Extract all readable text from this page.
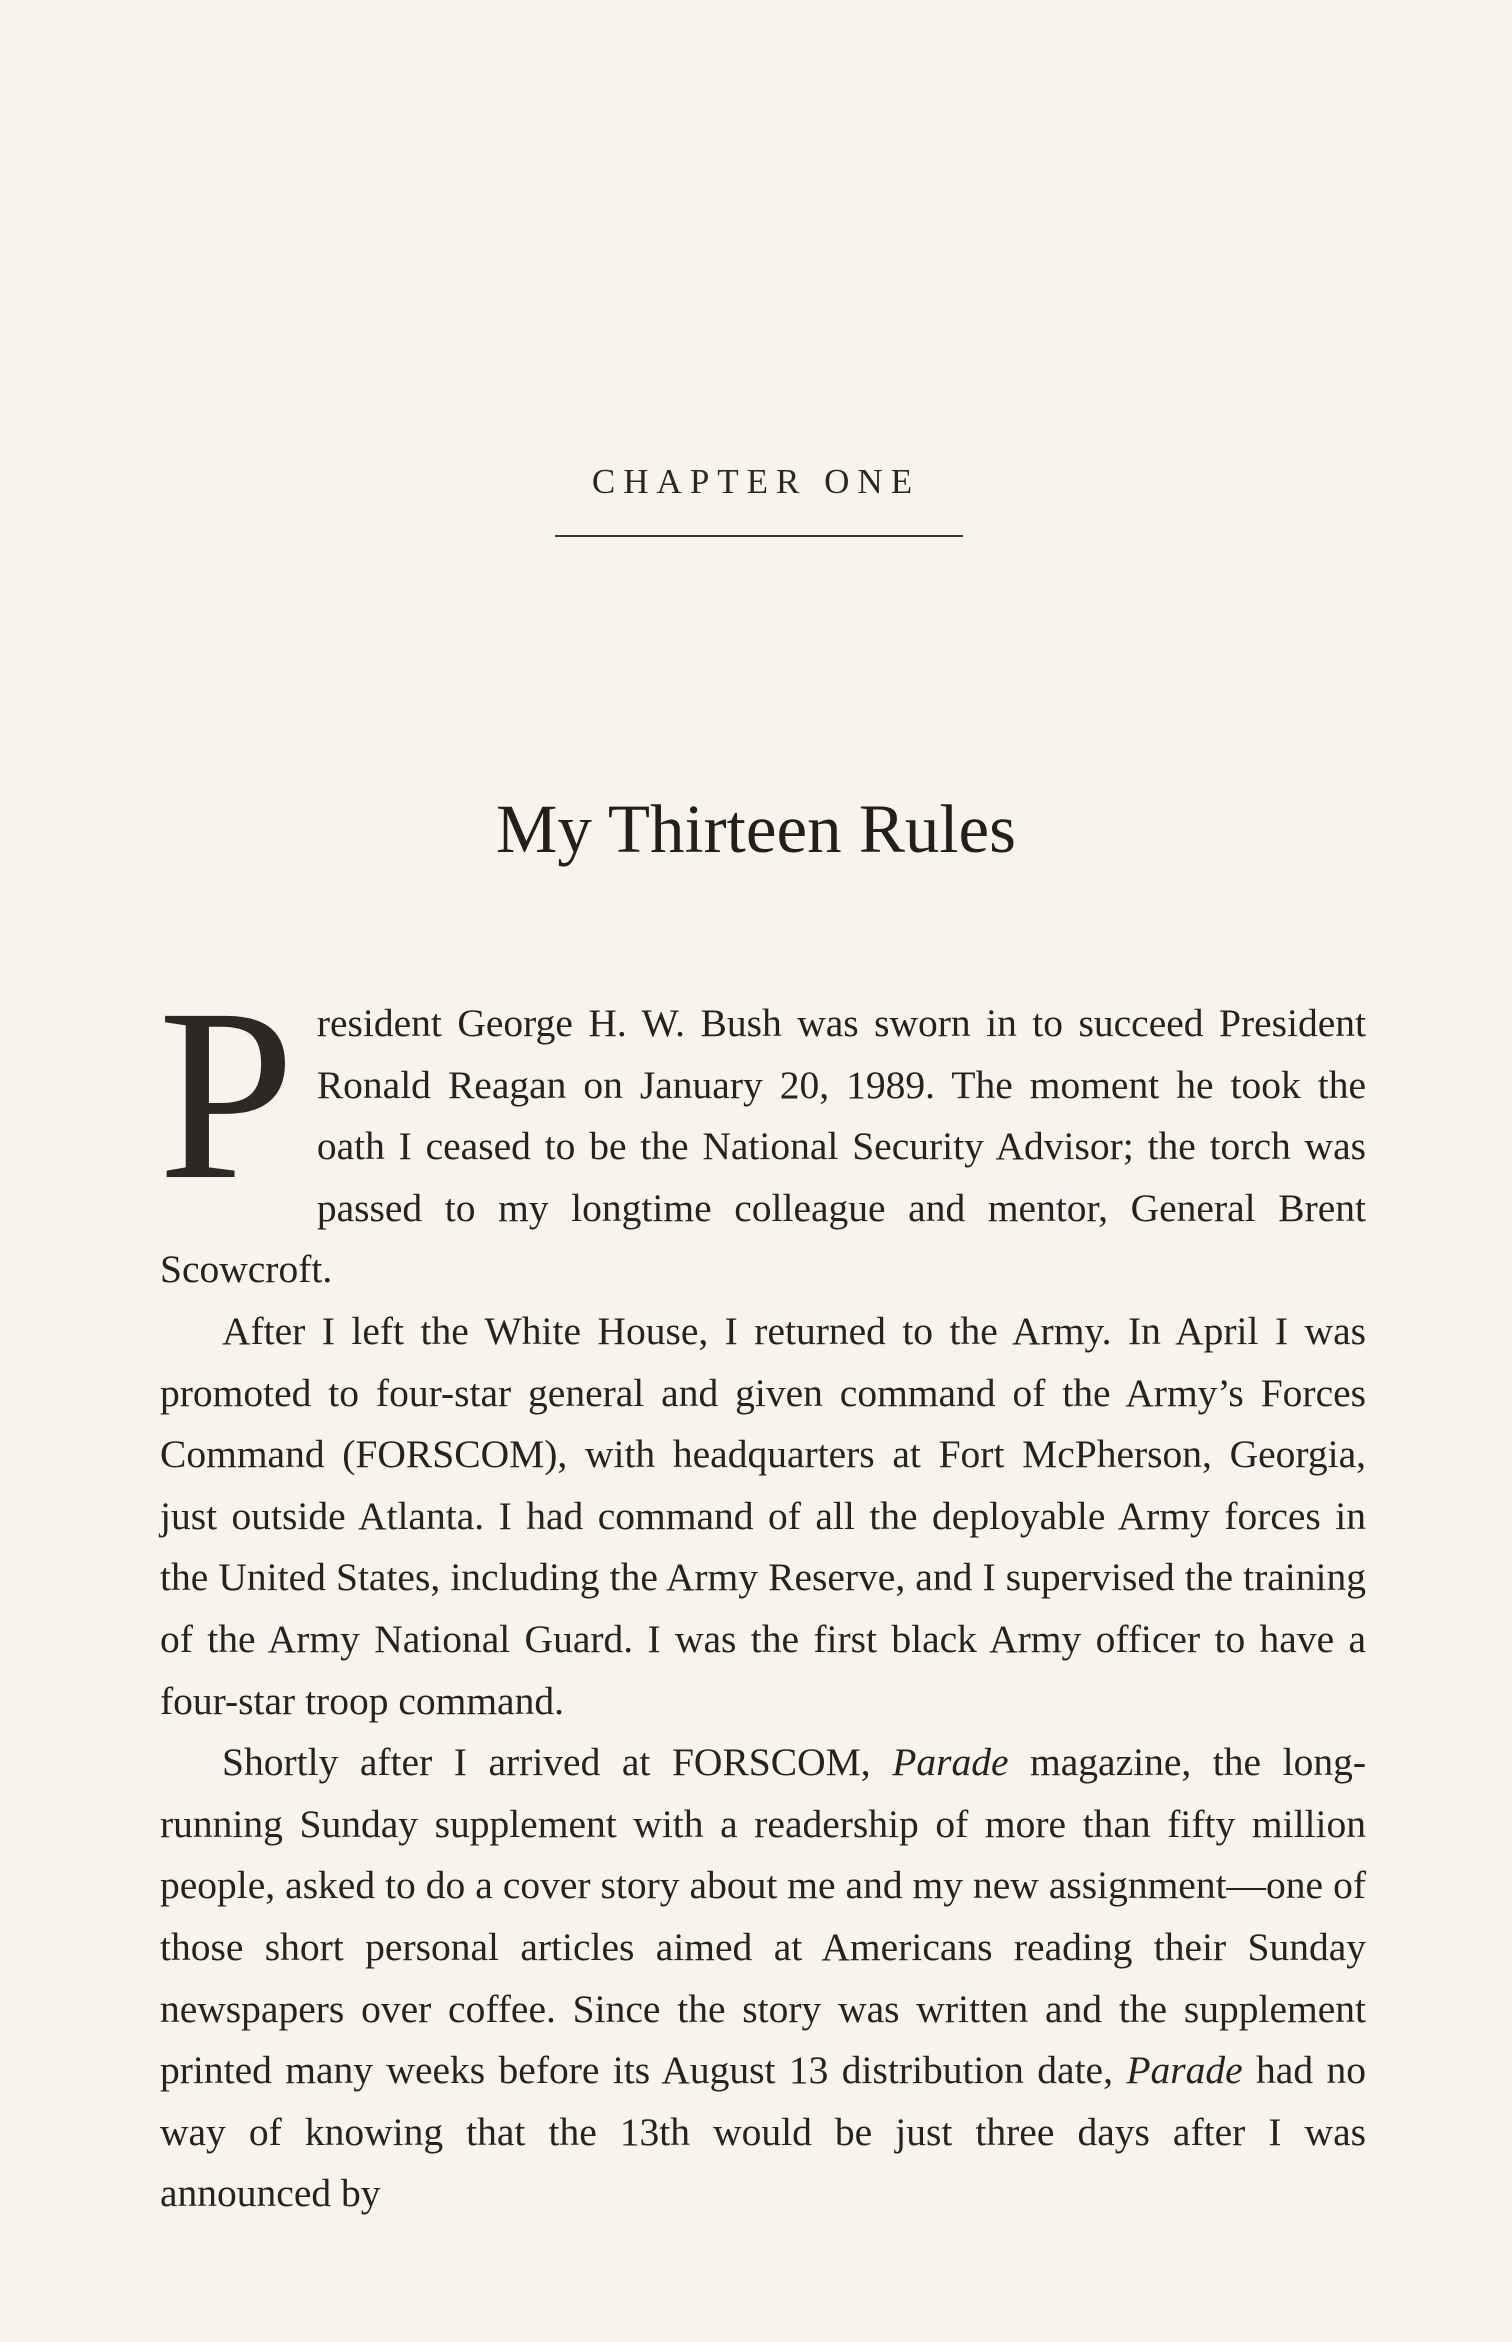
CHAPTER ONE
My Thirteen Rules

President George H. W. Bush was sworn in to succeed President Ronald Reagan on January 20, 1989. The moment he took the oath I ceased to be the National Security Advisor; the torch was passed to my longtime colleague and mentor, General Brent Scowcroft.

After I left the White House, I returned to the Army. In April I was promoted to four-star general and given command of the Army’s Forces Command (FORSCOM), with headquarters at Fort McPherson, Georgia, just outside Atlanta. I had command of all the deployable Army forces in the United States, including the Army Reserve, and I supervised the training of the Army National Guard. I was the first black Army officer to have a four-star troop command.

Shortly after I arrived at FORSCOM, Parade magazine, the long-running Sunday supplement with a readership of more than fifty million people, asked to do a cover story about me and my new assignment—one of those short personal articles aimed at Americans reading their Sunday newspapers over coffee. Since the story was written and the supplement printed many weeks before its August 13 distribution date, Parade had no way of knowing that the 13th would be just three days after I was announced by
